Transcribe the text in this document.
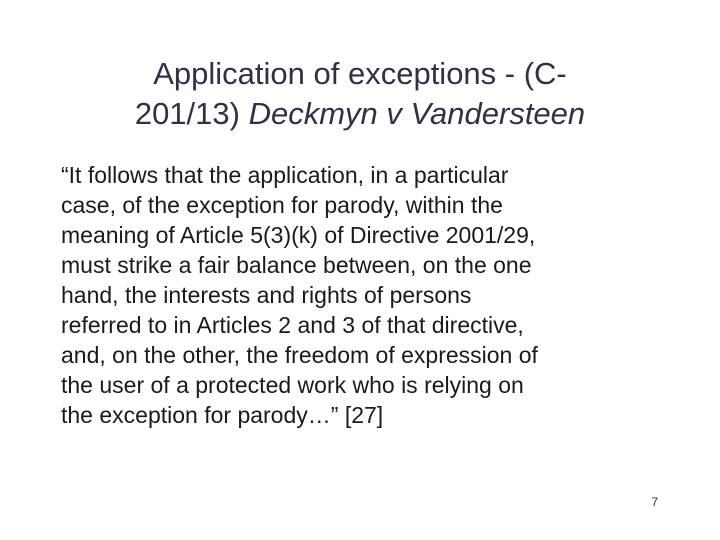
Application of exceptions - (C-
201/13) Deckmyn v Vandersteen
“It follows that the application, in a particular
case, of the exception for parody, within the
meaning of Article 5(3)(k) of Directive 2001/29,
must strike a fair balance between, on the one
hand, the interests and rights of persons
referred to in Articles 2 and 3 of that directive,
and, on the other, the freedom of expression of
the user of a protected work who is relying on
the exception for parody…” [27]
7
